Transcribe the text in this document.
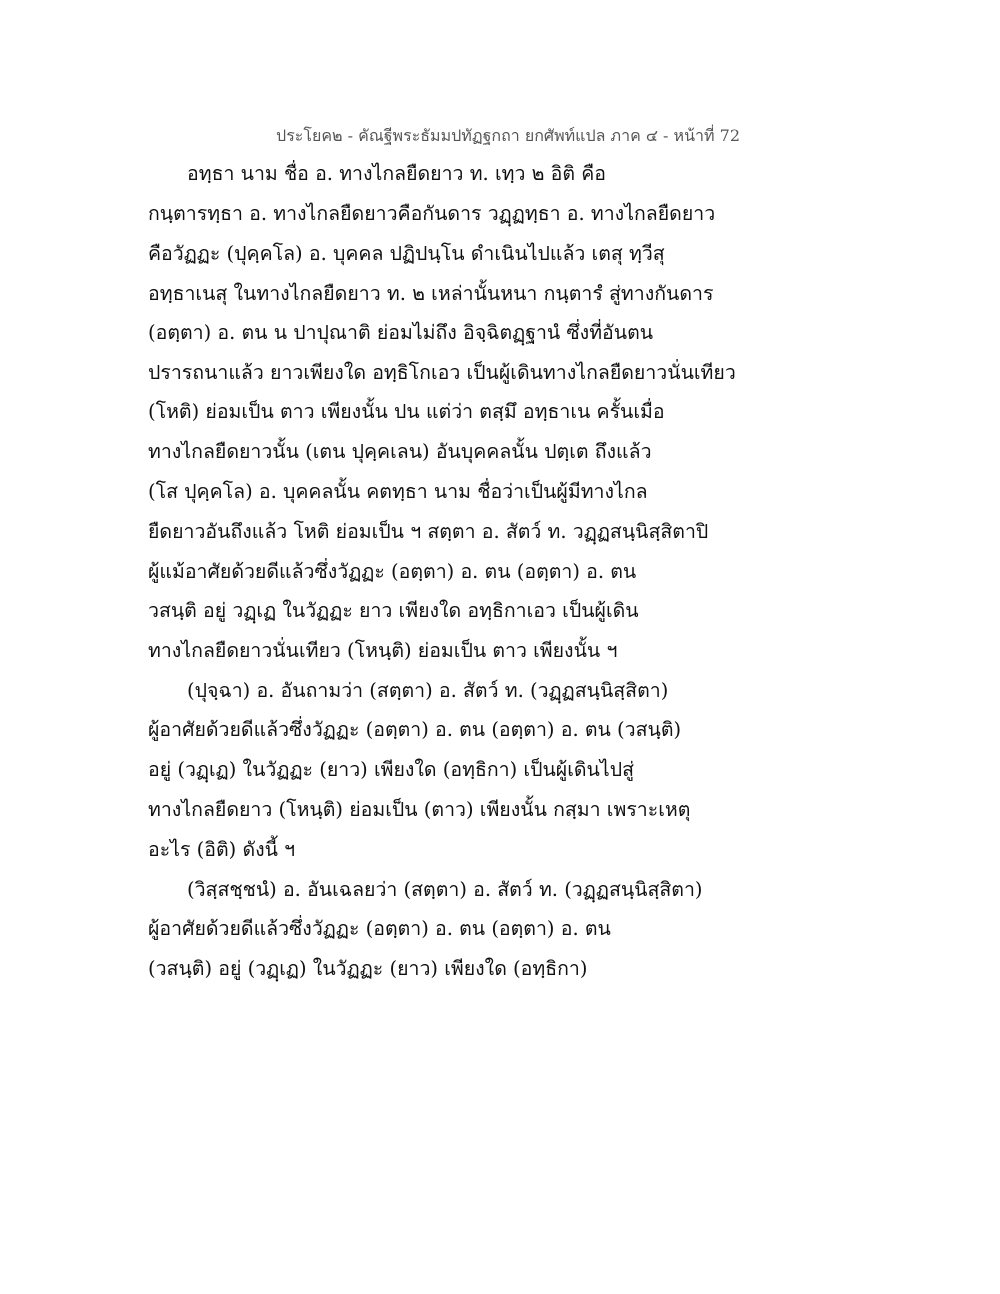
ประโยค๒ - คัณฐีพระธัมมปทัฏฐกถา ยกศัพท์แปล ภาค ๔ - หน้าที่ 72
อทฺธา นาม ชื่อ อ. ทางไกลยืดยาว ท. เทฺว ๒ อิติ คือ
กนฺตารทฺธา อ. ทางไกลยืดยาวคือกันดาร วฏฺฏทฺธา อ. ทางไกลยืดยาว
คือวัฏฏะ (ปุคฺคโล) อ. บุคคล ปฏิปนฺโน ดำเนินไปแล้ว เตสุ ทฺวีสุ
อทฺธาเนสุ ในทางไกลยืดยาว ท. ๒ เหล่านั้นหนา กนฺตารํ สู่ทางกันดาร
(อตฺตา) อ. ตน น ปาปุณาติ ย่อมไม่ถึง อิจฺฉิตฏฺฐานํ ซึ่งที่อันตน
ปรารถนาแล้ว ยาวเพียงใด อทฺธิโกเอว เป็นผู้เดินทางไกลยืดยาวนั่นเทียว
(โหติ) ย่อมเป็น ตาว เพียงนั้น ปน แต่ว่า ตสฺมึ อทฺธาเน ครั้นเมื่อ
ทางไกลยืดยาวนั้น (เตน ปุคฺคเลน) อันบุคคลนั้น ปตฺเต ถึงแล้ว
(โส ปุคฺคโล) อ. บุคคลนั้น คตทฺธา นาม ชื่อว่าเป็นผู้มีทางไกล
ยืดยาวอันถึงแล้ว โหติ ย่อมเป็น ฯ สตฺตา อ. สัตว์ ท. วฏฺฏสนฺนิสฺสิตาปิ
ผู้แม้อาศัยด้วยดีแล้วซึ่งวัฏฏะ (อตฺตา) อ. ตน (อตฺตา) อ. ตน
วสนฺติ อยู่ วฏฺเฏ ในวัฏฏะ ยาว เพียงใด อทฺธิกาเอว เป็นผู้เดิน
ทางไกลยืดยาวนั่นเทียว (โหนฺติ) ย่อมเป็น ตาว เพียงนั้น ฯ
(ปุจฺฉา) อ. อันถามว่า (สตฺตา) อ. สัตว์ ท. (วฏฺฏสนฺนิสฺสิตา)
ผู้อาศัยด้วยดีแล้วซึ่งวัฏฏะ (อตฺตา) อ. ตน (อตฺตา) อ. ตน (วสนฺติ)
อยู่ (วฏฺเฏ) ในวัฏฏะ (ยาว) เพียงใด (อทฺธิกา) เป็นผู้เดินไปสู่
ทางไกลยืดยาว (โหนฺติ) ย่อมเป็น (ตาว) เพียงนั้น กสฺมา เพราะเหตุ
อะไร (อิติ) ดังนี้ ฯ
(วิสฺสชฺชนํ) อ. อันเฉลยว่า (สตฺตา) อ. สัตว์ ท. (วฏฺฏสนฺนิสฺสิตา)
ผู้อาศัยด้วยดีแล้วซึ่งวัฏฏะ (อตฺตา) อ. ตน (อตฺตา) อ. ตน
(วสนฺติ) อยู่ (วฏฺเฏ) ในวัฏฏะ (ยาว) เพียงใด (อทฺธิกา)
